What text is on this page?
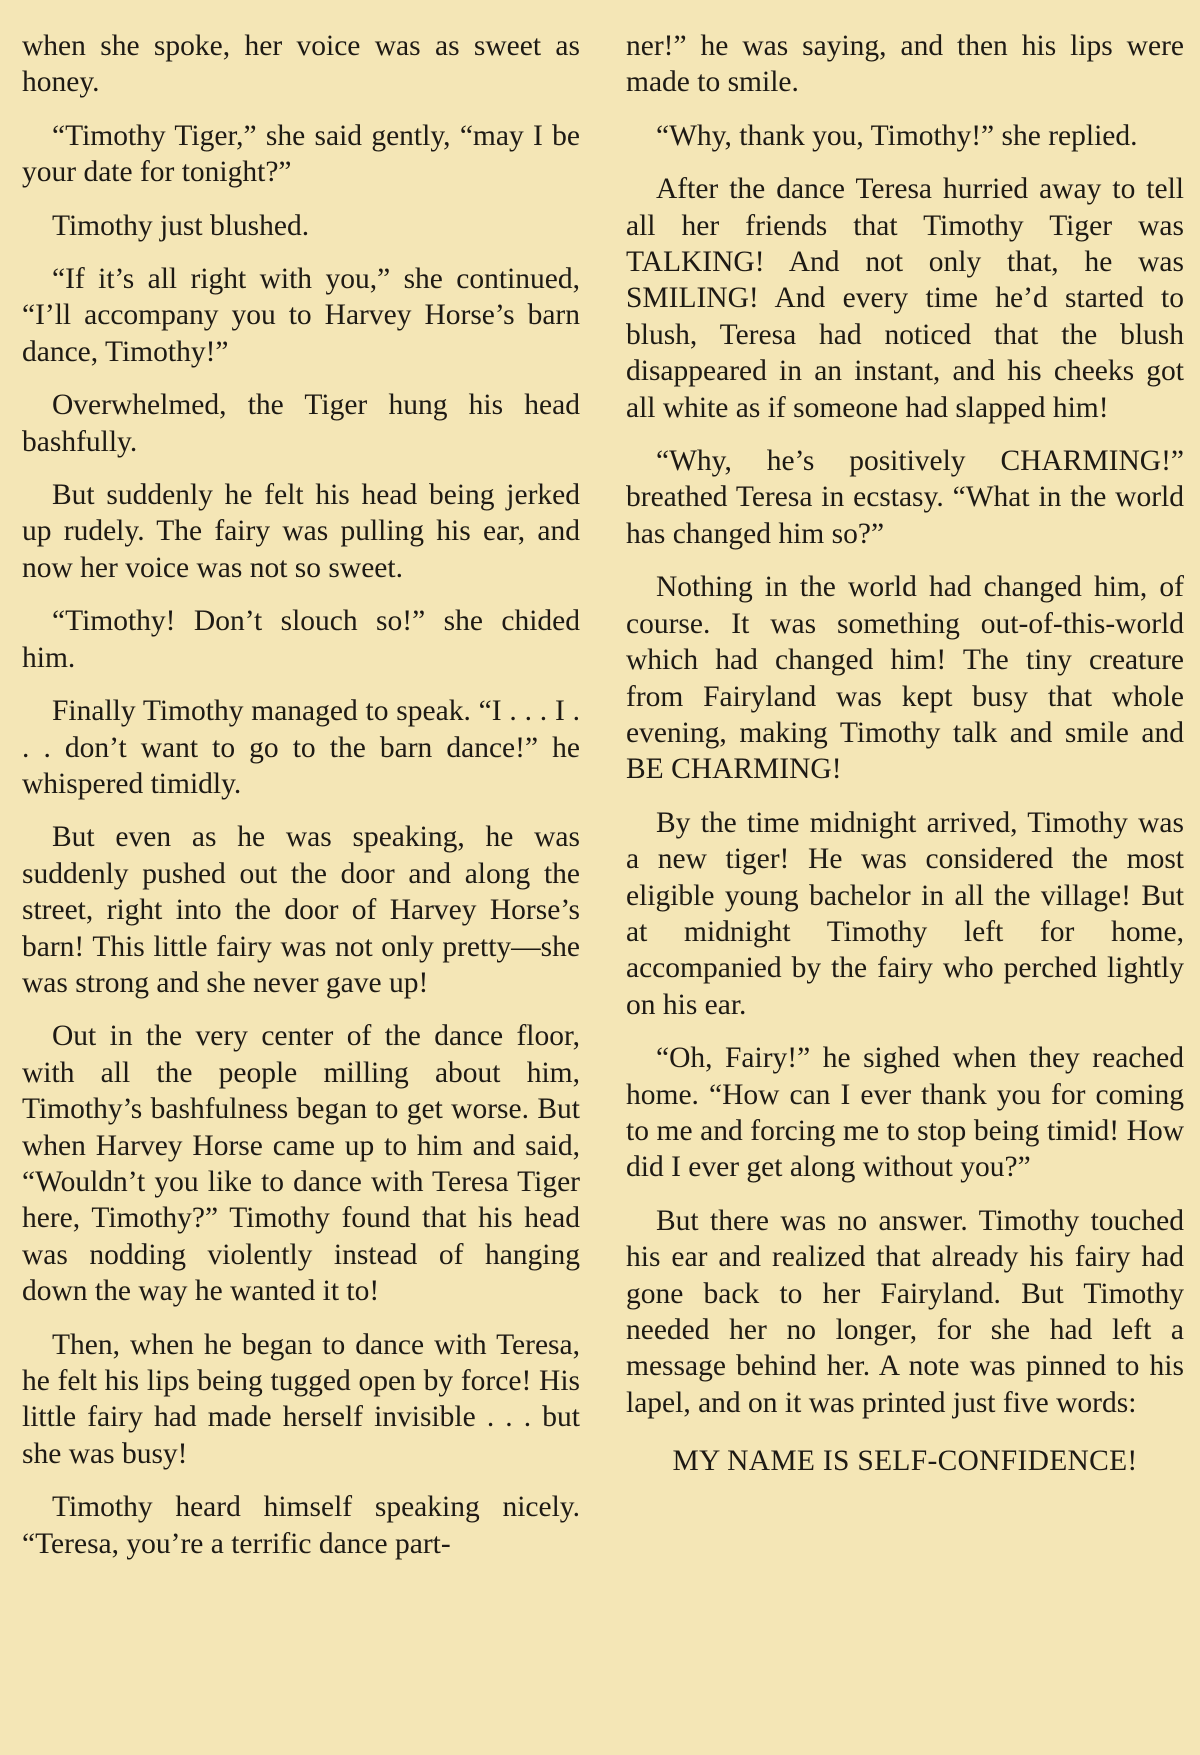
when she spoke, her voice was as sweet as honey.

“Timothy Tiger,” she said gently, “may I be your date for tonight?”

Timothy just blushed.

“If it’s all right with you,” she continued, “I’ll accompany you to Harvey Horse’s barn dance, Timothy!”

Overwhelmed, the Tiger hung his head bashfully.

But suddenly he felt his head being jerked up rudely. The fairy was pulling his ear, and now her voice was not so sweet.

“Timothy! Don’t slouch so!” she chided him.

Finally Timothy managed to speak. “I . . . I . . . don’t want to go to the barn dance!” he whispered timidly.

But even as he was speaking, he was suddenly pushed out the door and along the street, right into the door of Harvey Horse’s barn! This little fairy was not only pretty—she was strong and she never gave up!

Out in the very center of the dance floor, with all the people milling about him, Timothy’s bashfulness began to get worse. But when Harvey Horse came up to him and said, “Wouldn’t you like to dance with Teresa Tiger here, Timothy?” Timothy found that his head was nodding violently instead of hanging down the way he wanted it to!

Then, when he began to dance with Teresa, he felt his lips being tugged open by force! His little fairy had made herself invisible . . . but she was busy!

Timothy heard himself speaking nicely. “Teresa, you’re a terrific dance part-

ner!” he was saying, and then his lips were made to smile.

“Why, thank you, Timothy!” she replied.

After the dance Teresa hurried away to tell all her friends that Timothy Tiger was TALKING! And not only that, he was SMILING! And every time he’d started to blush, Teresa had noticed that the blush disappeared in an instant, and his cheeks got all white as if someone had slapped him!

“Why, he’s positively CHARMING!” breathed Teresa in ecstasy. “What in the world has changed him so?”

Nothing in the world had changed him, of course. It was something out-of-this-world which had changed him! The tiny creature from Fairyland was kept busy that whole evening, making Timothy talk and smile and BE CHARMING!

By the time midnight arrived, Timothy was a new tiger! He was considered the most eligible young bachelor in all the village! But at midnight Timothy left for home, accompanied by the fairy who perched lightly on his ear.

“Oh, Fairy!” he sighed when they reached home. “How can I ever thank you for coming to me and forcing me to stop being timid! How did I ever get along without you?”

But there was no answer. Timothy touched his ear and realized that already his fairy had gone back to her Fairyland. But Timothy needed her no longer, for she had left a message behind her. A note was pinned to his lapel, and on it was printed just five words:

MY NAME IS SELF-CONFIDENCE!
